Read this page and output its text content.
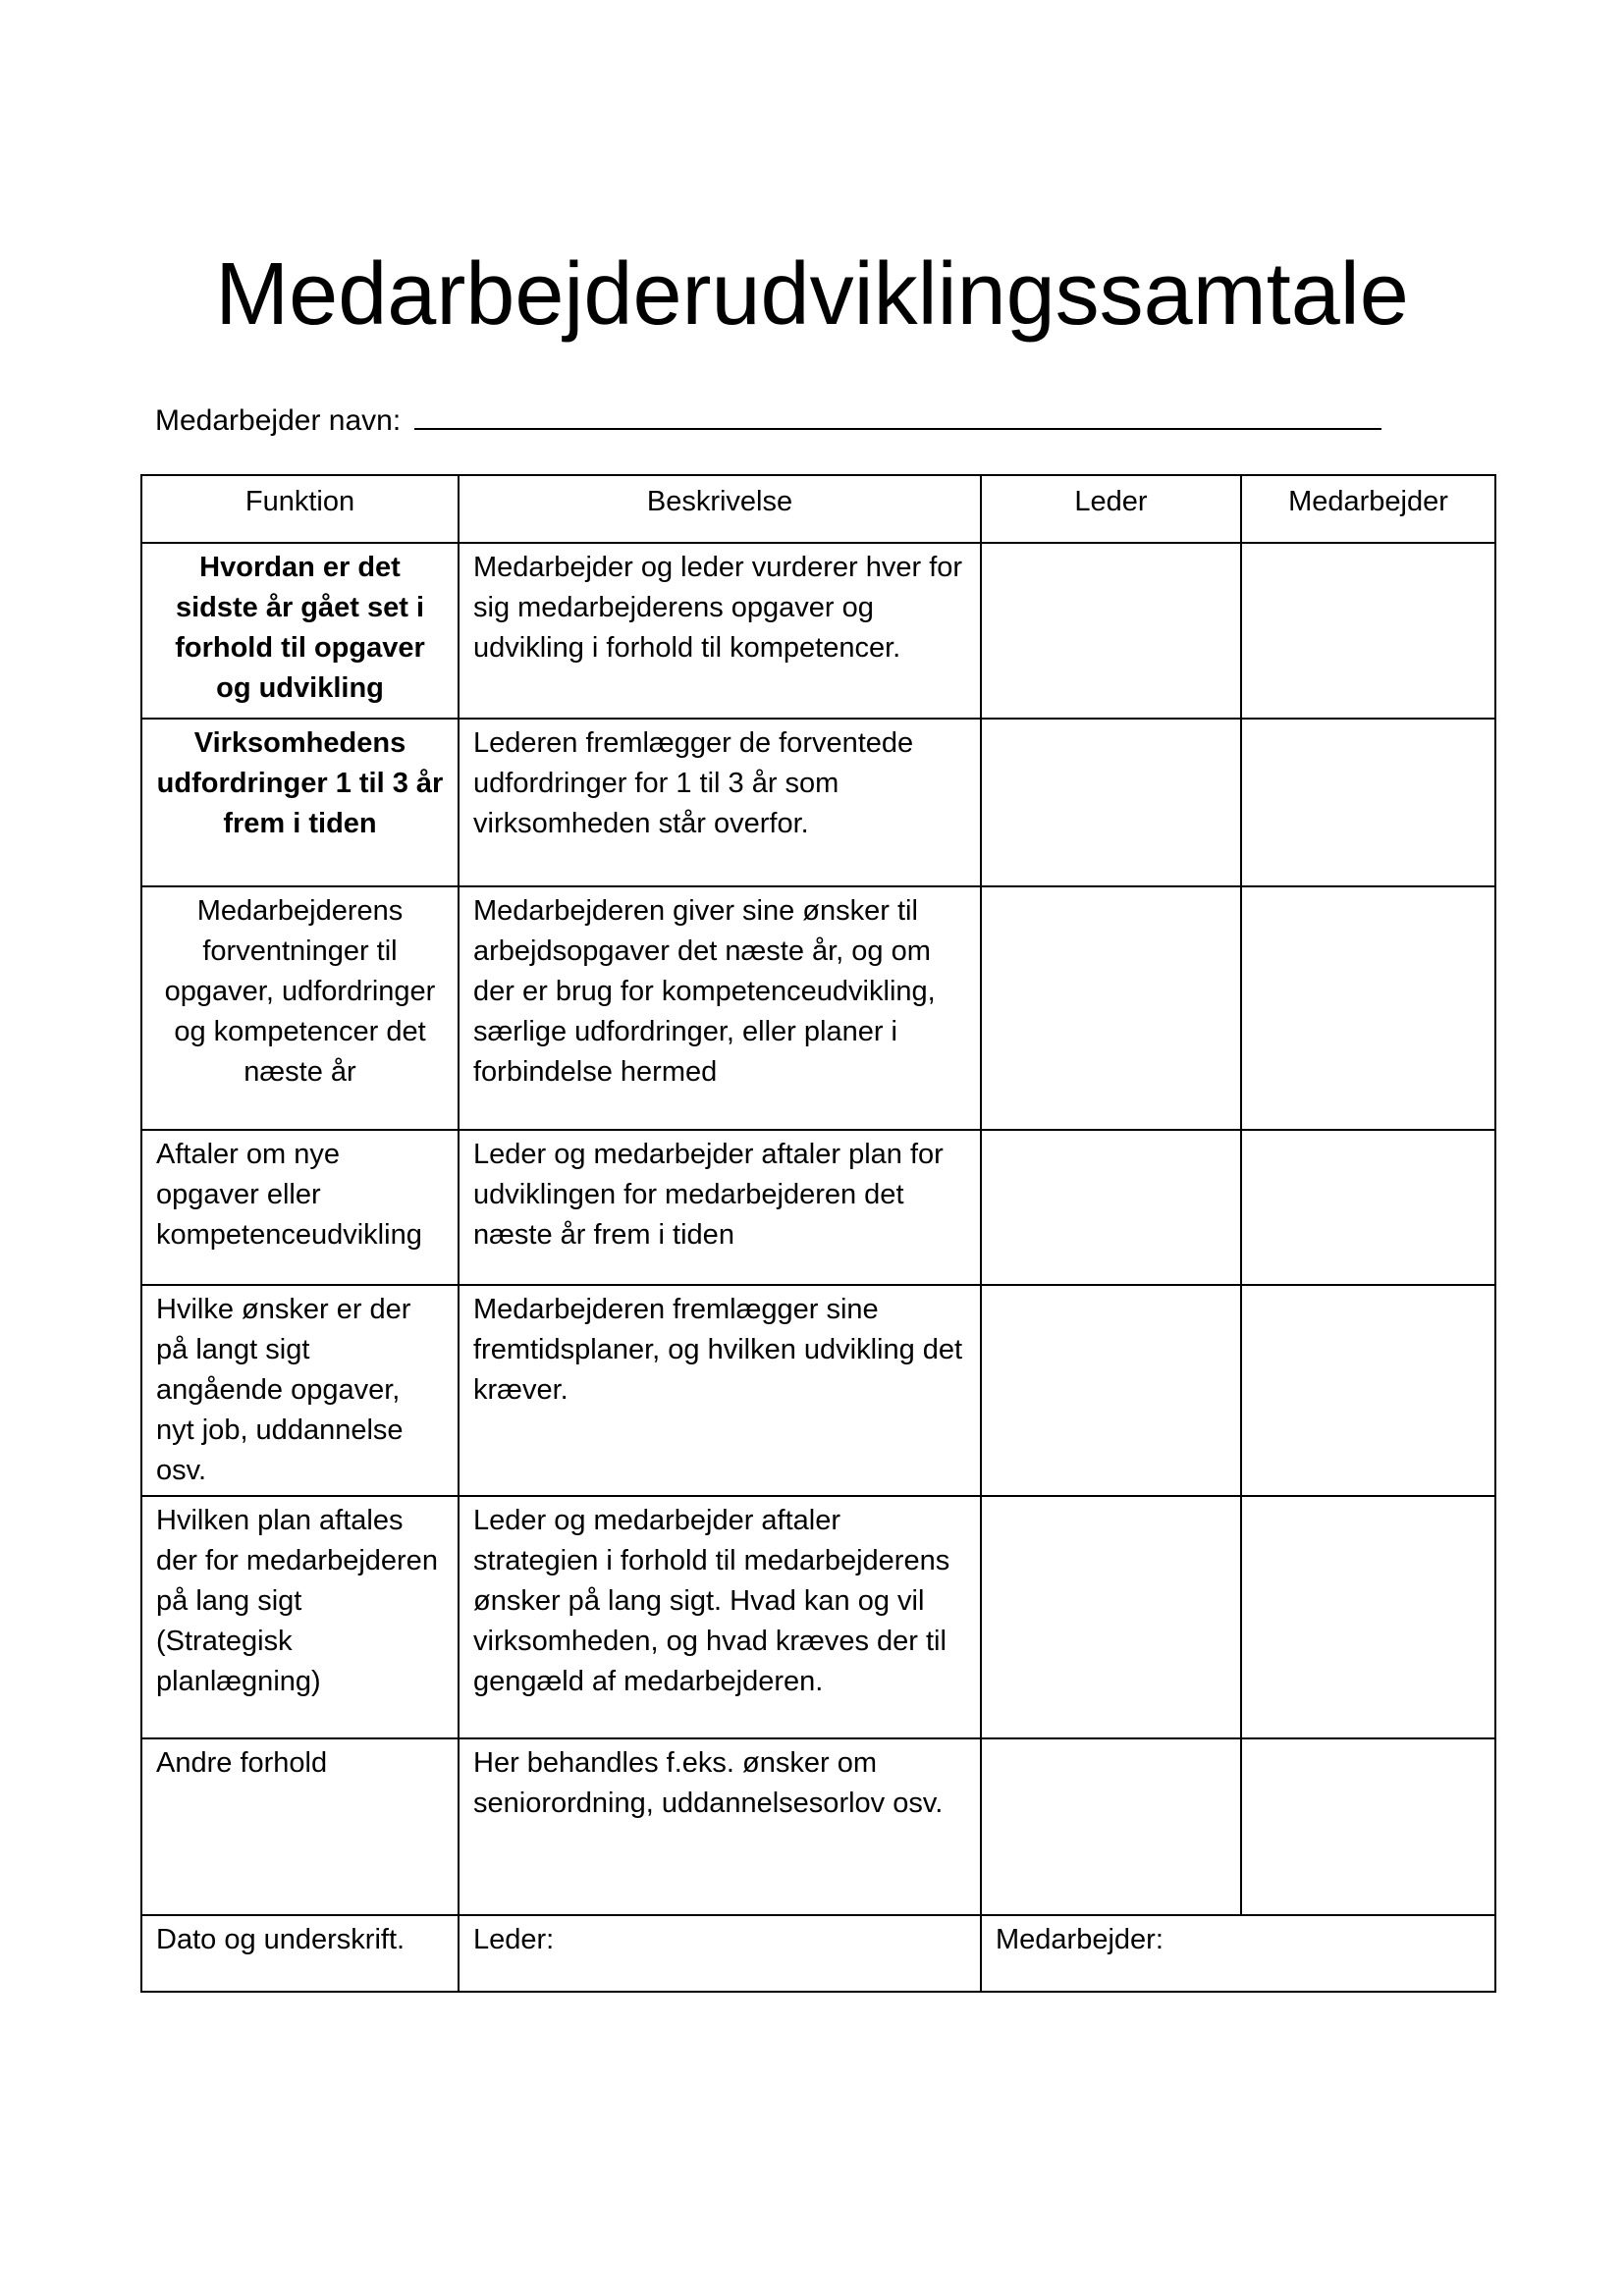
Medarbejderudviklingssamtale
Medarbejder navn:
Funktion	Beskrivelse	Leder	Medarbejder
Hvordan er det sidste år gået set i forhold til opgaver og udvikling	Medarbejder og leder vurderer hver for sig medarbejderens opgaver og udvikling i forhold til kompetencer.		
Virksomhedens udfordringer 1 til 3 år frem i tiden	Lederen fremlægger de forventede udfordringer for 1 til 3 år som virksomheden står overfor.		
Medarbejderens forventninger til opgaver, udfordringer og kompetencer det næste år	Medarbejderen giver sine ønsker til arbejdsopgaver det næste år, og om der er brug for kompetenceudvikling, særlige udfordringer, eller planer i forbindelse hermed		
Aftaler om nye opgaver eller kompetenceudvikling	Leder og medarbejder aftaler plan for udviklingen for medarbejderen det næste år frem i tiden		
Hvilke ønsker er der på langt sigt angående opgaver, nyt job, uddannelse osv.	Medarbejderen fremlægger sine fremtidsplaner, og hvilken udvikling det kræver.		
Hvilken plan aftales der for medarbejderen på lang sigt (Strategisk planlægning)	Leder og medarbejder aftaler strategien i forhold til medarbejderens ønsker på lang sigt. Hvad kan og vil virksomheden, og hvad kræves der til gengæld af medarbejderen.		
Andre forhold	Her behandles f.eks. ønsker om seniorordning, uddannelsesorlov osv.		
Dato og underskrift.	Leder:	Medarbejder:	
